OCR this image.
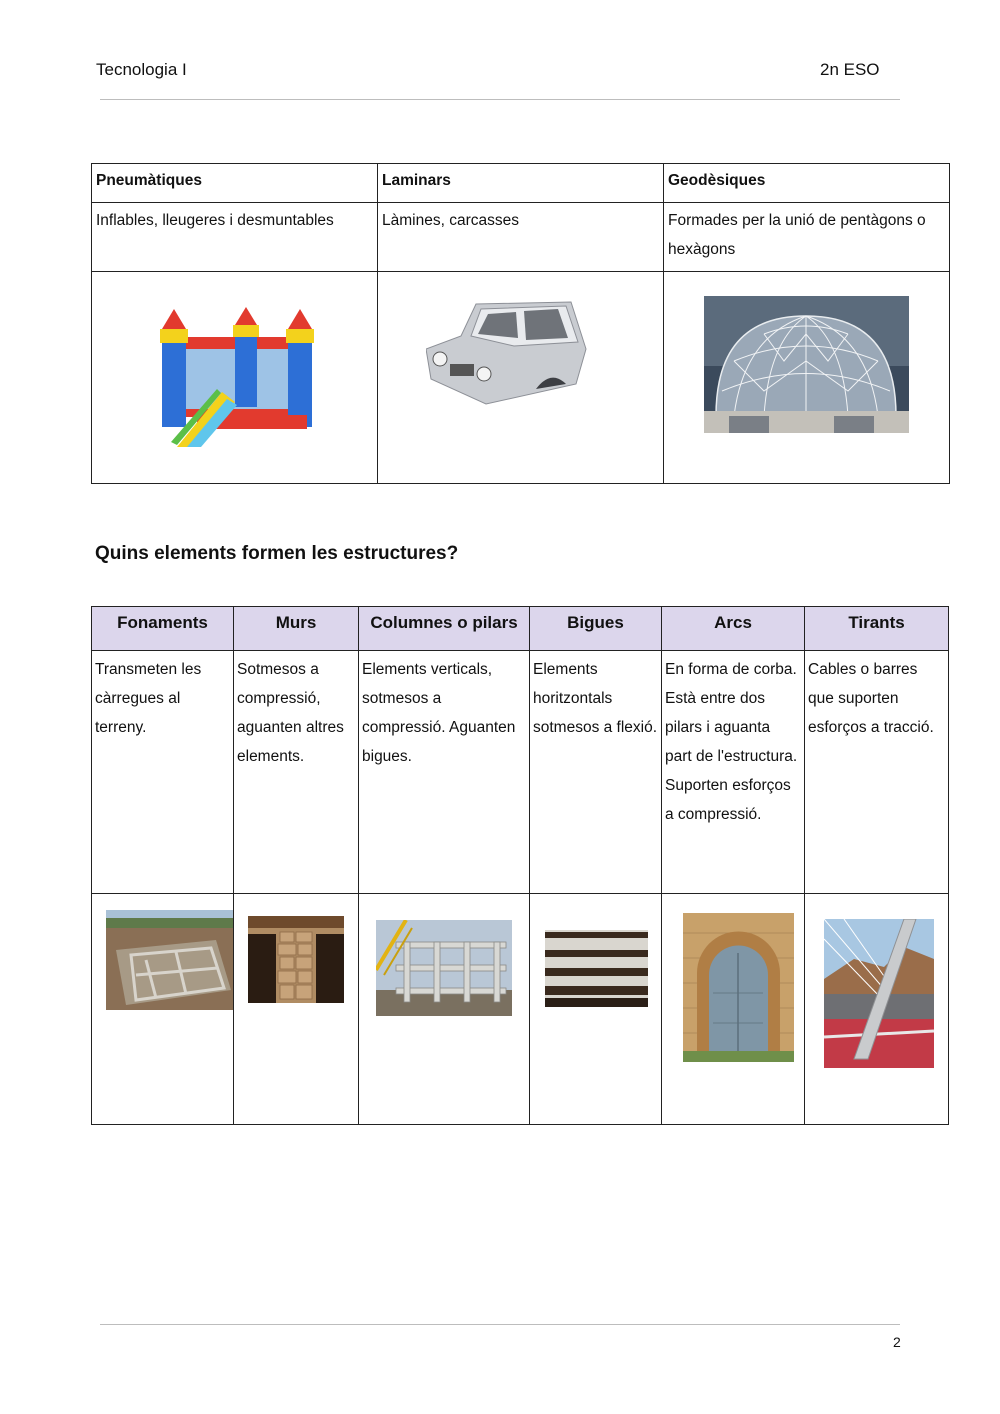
Tecnologia I	2n ESO
Pneumàtiques	Laminars	Geodèsiques
Inflables, lleugeres i desmuntables	Làmines, carcasses	Formades per la unió de pentàgons o hexàgons

Quins elements formen les estructures?
Fonaments	Murs	Columnes o pilars	Bigues	Arcs	Tirants
Transmeten les càrregues al terreny.	Sotmesos a compressió, aguanten altres elements.	Elements verticals, sotmesos a compressió. Aguanten bigues.	Elements horitzontals sotmesos a flexió.	En forma de corba. Està entre dos pilars i aguanta part de l'estructura. Suporten esforços a compressió.	Cables o barres que suporten esforços a tracció.

2
